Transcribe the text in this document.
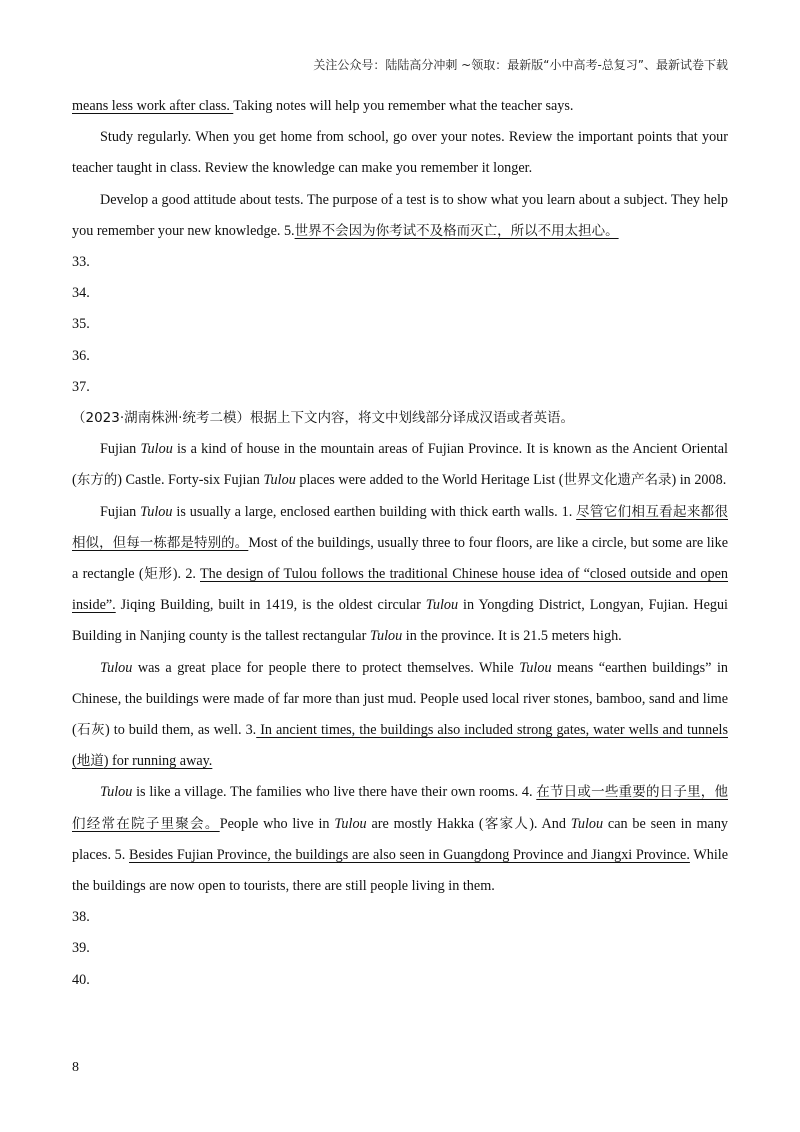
关注公众号：陆陆高分冲刺 ~领取：最新版“小中高考-总复习”、最新试卷下载

means less work after class. Taking notes will help you remember what the teacher says.

Study regularly. When you get home from school, go over your notes. Review the important points that your teacher taught in class. Review the knowledge can make you remember it longer.

Develop a good attitude about tests. The purpose of a test is to show what you learn about a subject. They help you remember your new knowledge. 5.世界不会因为你考试不及格而灭亡，所以不用太担心。

33.

34.

35.

36.

37.

（2023·湖南株洲·统考二模）根据上下文内容，将文中划线部分译成汉语或者英语。

Fujian Tulou is a kind of house in the mountain areas of Fujian Province. It is known as the Ancient Oriental (东方的) Castle. Forty-six Fujian Tulou places were added to the World Heritage List (世界文化遗产名录) in 2008.

Fujian Tulou is usually a large, enclosed earthen building with thick earth walls. 1. 尽管它们相互看起来都很相似，但每一栋都是特别的。Most of the buildings, usually three to four floors, are like a circle, but some are like a rectangle (矩形). 2. The design of Tulou follows the traditional Chinese house idea of “closed outside and open inside”. Jiqing Building, built in 1419, is the oldest circular Tulou in Yongding District, Longyan, Fujian. Hegui Building in Nanjing county is the tallest rectangular Tulou in the province. It is 21.5 meters high.

Tulou was a great place for people there to protect themselves. While Tulou means “earthen buildings” in Chinese, the buildings were made of far more than just mud. People used local river stones, bamboo, sand and lime (石灰) to build them, as well. 3. In ancient times, the buildings also included strong gates, water wells and tunnels (地道) for running away.

Tulou is like a village. The families who live there have their own rooms. 4. 在节日或一些重要的日子里，他们经常在院子里聚会。People who live in Tulou are mostly Hakka (客家人). And Tulou can be seen in many places. 5. Besides Fujian Province, the buildings are also seen in Guangdong Province and Jiangxi Province. While the buildings are now open to tourists, there are still people living in them.

38.

39.

40.

8
